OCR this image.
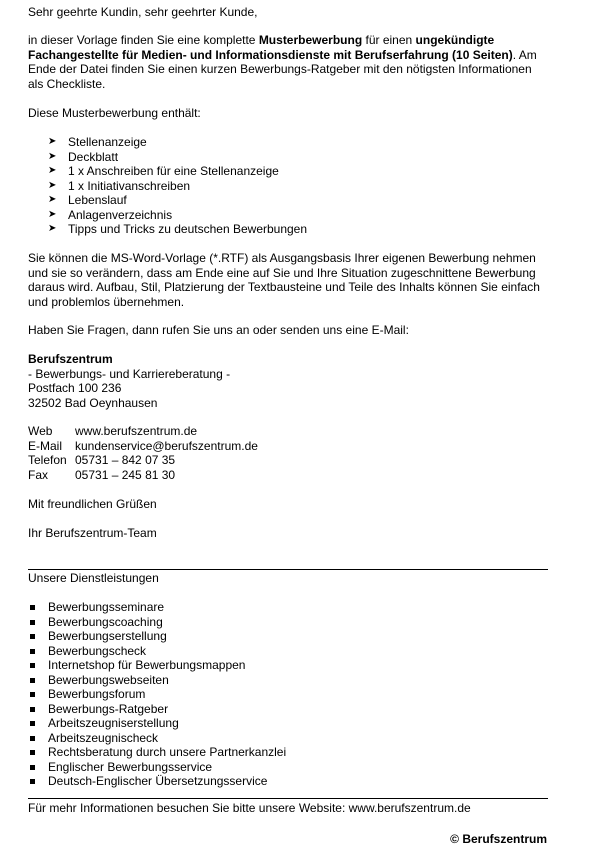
Sehr geehrte Kundin, sehr geehrter Kunde,

in dieser Vorlage finden Sie eine komplette Musterbewerbung für einen ungekündigte Fachangestellte für Medien- und Informationsdienste mit Berufserfahrung (10 Seiten). Am Ende der Datei finden Sie einen kurzen Bewerbungs-Ratgeber mit den nötigsten Informationen als Checkliste.

Diese Musterbewerbung enthält:

➤ Stellenanzeige
➤ Deckblatt
➤ 1 x Anschreiben für eine Stellenanzeige
➤ 1 x Initiativanschreiben
➤ Lebenslauf
➤ Anlagenverzeichnis
➤ Tipps und Tricks zu deutschen Bewerbungen

Sie können die MS-Word-Vorlage (*.RTF) als Ausgangsbasis Ihrer eigenen Bewerbung nehmen und sie so verändern, dass am Ende eine auf Sie und Ihre Situation zugeschnittene Bewerbung daraus wird. Aufbau, Stil, Platzierung der Textbausteine und Teile des Inhalts können Sie einfach und problemlos übernehmen.

Haben Sie Fragen, dann rufen Sie uns an oder senden uns eine E-Mail:

Berufszentrum

- Bewerbungs- und Karriereberatung -

Postfach 100 236

32502 Bad Oeynhausen

Web	www.berufszentrum.de
E-Mail	kundenservice@berufszentrum.de
Telefon	05731 – 842 07 35
Fax	05731 – 245 81 30

Mit freundlichen Grüßen

Ihr Berufszentrum-Team

Unsere Dienstleistungen

Bewerbungsseminare
Bewerbungscoaching
Bewerbungserstellung
Bewerbungscheck
Internetshop für Bewerbungsmappen
Bewerbungswebseiten
Bewerbungsforum
Bewerbungs-Ratgeber
Arbeitszeugniserstellung
Arbeitszeugnischeck
Rechtsberatung durch unsere Partnerkanzlei
Englischer Bewerbungsservice
Deutsch-Englischer Übersetzungsservice

Für mehr Informationen besuchen Sie bitte unsere Website: www.berufszentrum.de

© Berufszentrum
